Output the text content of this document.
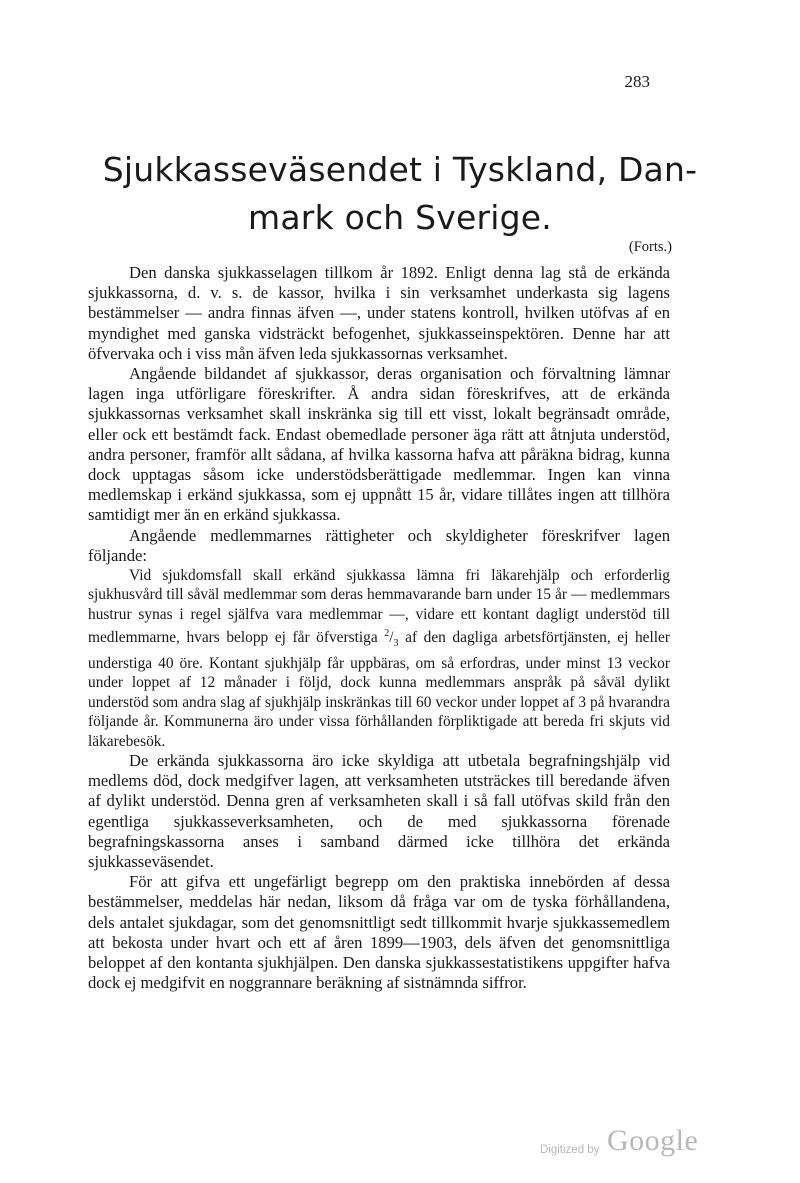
283
Sjukkasseväsendet i Tyskland, Dan-
mark och Sverige.
(Forts.)

Den danska sjukkasselagen tillkom år 1892. Enligt denna lag stå de erkända sjukkassorna, d. v. s. de kassor, hvilka i sin verksamhet underkasta sig lagens bestämmelser — andra finnas äfven —, under statens kontroll, hvilken utöfvas af en myndighet med ganska vidsträckt befogenhet, sjukkasseinspektören. Denne har att öfvervaka och i viss mån äfven leda sjukkassornas verksamhet.

Angående bildandet af sjukkassor, deras organisation och förvaltning lämnar lagen inga utförligare föreskrifter. Å andra sidan föreskrifves, att de erkända sjukkassornas verksamhet skall inskränka sig till ett visst, lokalt begränsadt område, eller ock ett bestämdt fack. Endast obemedlade personer äga rätt att åtnjuta understöd, andra personer, framför allt sådana, af hvilka kassorna hafva att påräkna bidrag, kunna dock upptagas såsom icke understödsberättigade medlemmar. Ingen kan vinna medlemskap i erkänd sjukkassa, som ej uppnått 15 år, vidare tillåtes ingen att tillhöra samtidigt mer än en erkänd sjukkassa.

Angående medlemmarnes rättigheter och skyldigheter föreskrifver lagen följande:

Vid sjukdomsfall skall erkänd sjukkassa lämna fri läkarehjälp och erforderlig sjukhusvård till såväl medlemmar som deras hemmavarande barn under 15 år — medlemmars hustrur synas i regel själfva vara medlemmar —, vidare ett kontant dagligt understöd till medlemmarne, hvars belopp ej får öfverstiga $^2/_3$ af den dagliga arbetsförtjänsten, ej heller understiga 40 öre. Kontant sjukhjälp får uppbäras, om så erfordras, under minst 13 veckor under loppet af 12 månader i följd, dock kunna medlemmars anspråk på såväl dylikt understöd som andra slag af sjukhjälp inskränkas till 60 veckor under loppet af 3 på hvarandra följande år. Kommunerna äro under vissa förhållanden förpliktigade att bereda fri skjuts vid läkarebesök.

De erkända sjukkassorna äro icke skyldiga att utbetala begrafningshjälp vid medlems död, dock medgifver lagen, att verksamheten utsträckes till beredande äfven af dylikt understöd. Denna gren af verksamheten skall i så fall utöfvas skild från den egentliga sjukkasseverksamheten, och de med sjukkassorna förenade begrafningskassorna anses i samband därmed icke tillhöra det erkända sjukkasseväsendet.

För att gifva ett ungefärligt begrepp om den praktiska innebörden af dessa bestämmelser, meddelas här nedan, liksom då fråga var om de tyska förhållandena, dels antalet sjukdagar, som det genomsnittligt sedt tillkommit hvarje sjukkassemedlem att bekosta under hvart och ett af åren 1899—1903, dels äfven det genomsnittliga beloppet af den kontanta sjukhjälpen. Den danska sjukkassestatistikens uppgifter hafva dock ej medgifvit en noggrannare beräkning af sistnämnda siffror.

Digitized by Google
